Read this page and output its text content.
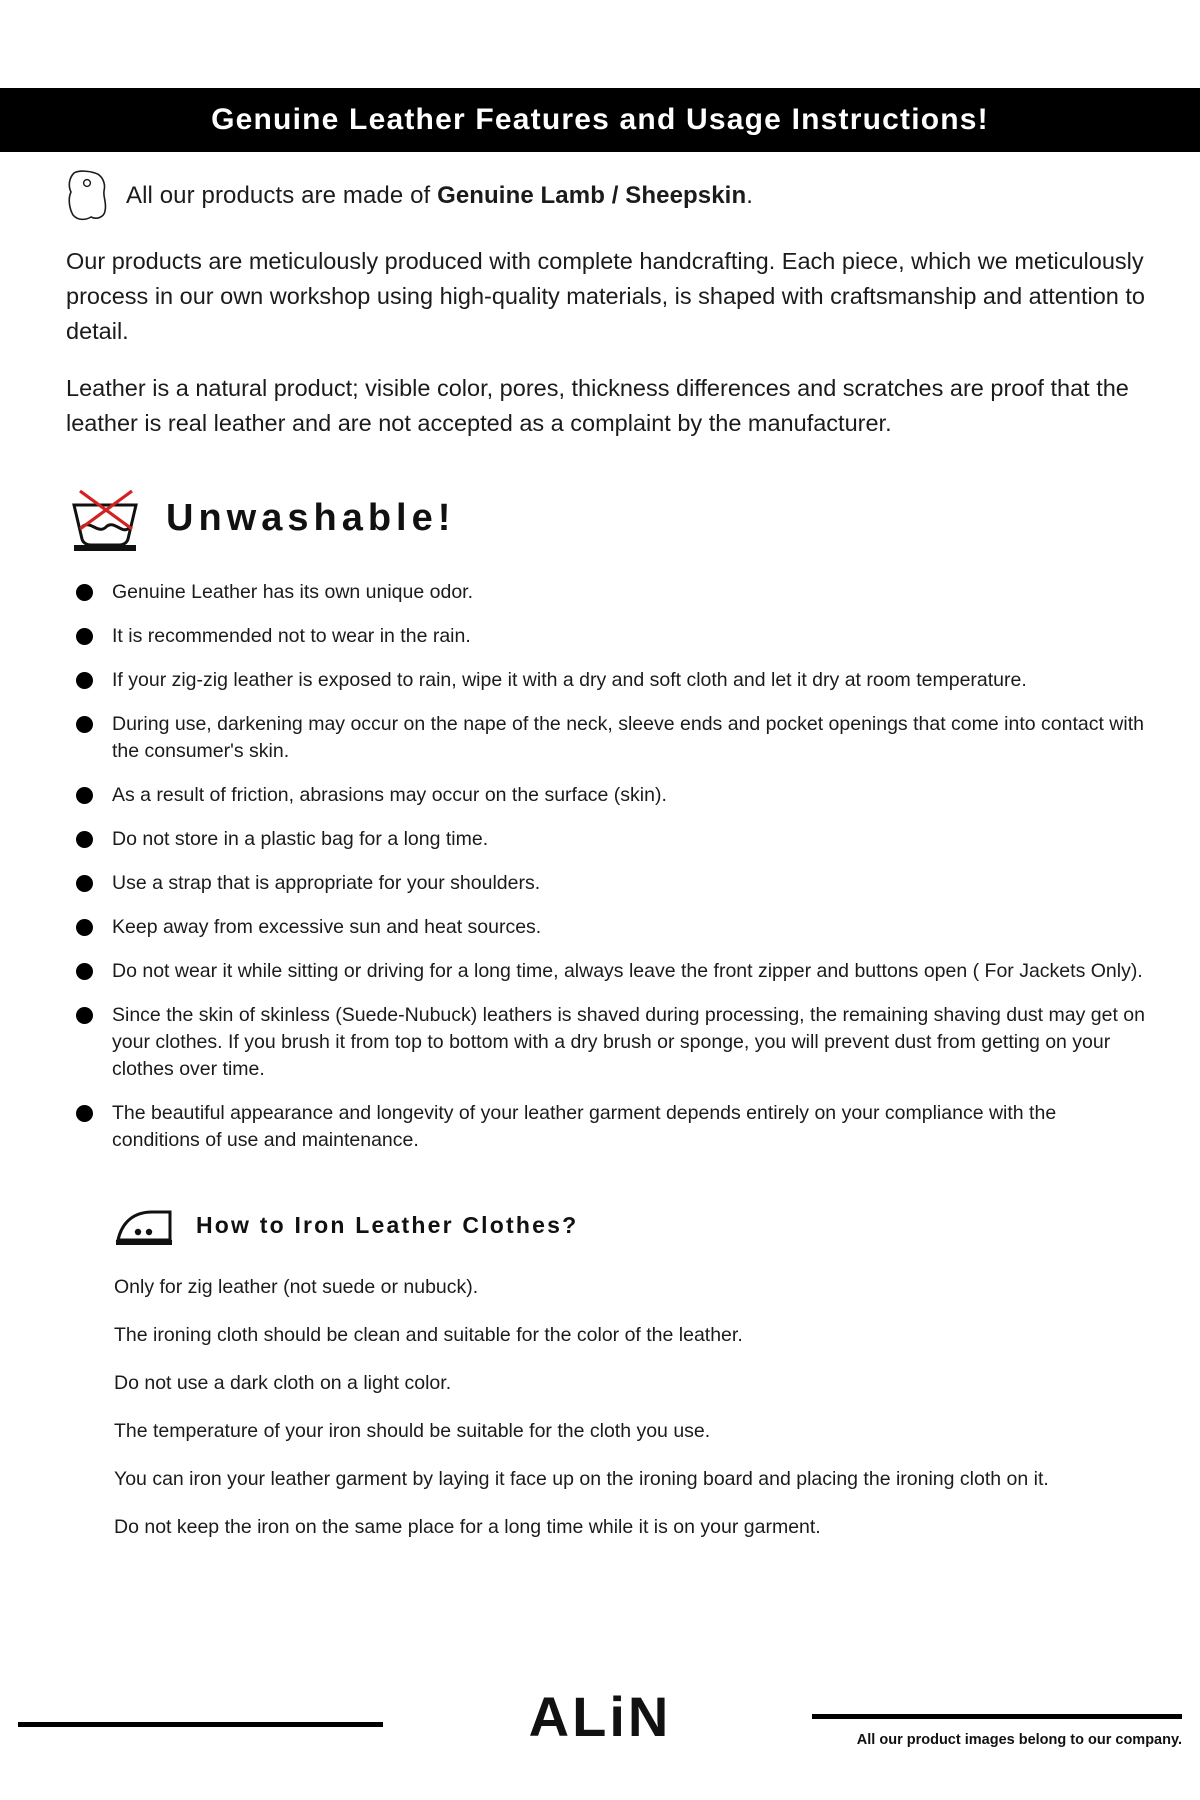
Genuine Leather Features and Usage Instructions!
All our products are made of Genuine Lamb / Sheepskin.

Our products are meticulously produced with complete handcrafting. Each piece, which we meticulously process in our own workshop using high-quality materials, is shaped with craftsmanship and attention to detail.

Leather is a natural product; visible color, pores, thickness differences and scratches are proof that the leather is real leather and are not accepted as a complaint by the manufacturer.

Unwashable!
Genuine Leather has its own unique odor.
It is recommended not to wear in the rain.
If your zig-zig leather is exposed to rain, wipe it with a dry and soft cloth and let it dry at room temperature.
During use, darkening may occur on the nape of the neck, sleeve ends and pocket openings that come into contact with the consumer's skin.
As a result of friction, abrasions may occur on the surface (skin).
Do not store in a plastic bag for a long time.
Use a strap that is appropriate for your shoulders.
Keep away from excessive sun and heat sources.
Do not wear it while sitting or driving for a long time, always leave the front zipper and buttons open ( For Jackets Only).
Since the skin of skinless (Suede-Nubuck) leathers is shaved during processing, the remaining shaving dust may get on your clothes. If you brush it from top to bottom with a dry brush or sponge, you will prevent dust from getting on your clothes over time.
The beautiful appearance and longevity of your leather garment depends entirely on your compliance with the conditions of use and maintenance.
How to Iron Leather Clothes?

Only for zig leather (not suede or nubuck).

The ironing cloth should be clean and suitable for the color of the leather.

Do not use a dark cloth on a light color.

The temperature of your iron should be suitable for the cloth you use.

You can iron your leather garment by laying it face up on the ironing board and placing the ironing cloth on it.

Do not keep the iron on the same place for a long time while it is on your garment.

ALiN	All our product images belong to our company.
